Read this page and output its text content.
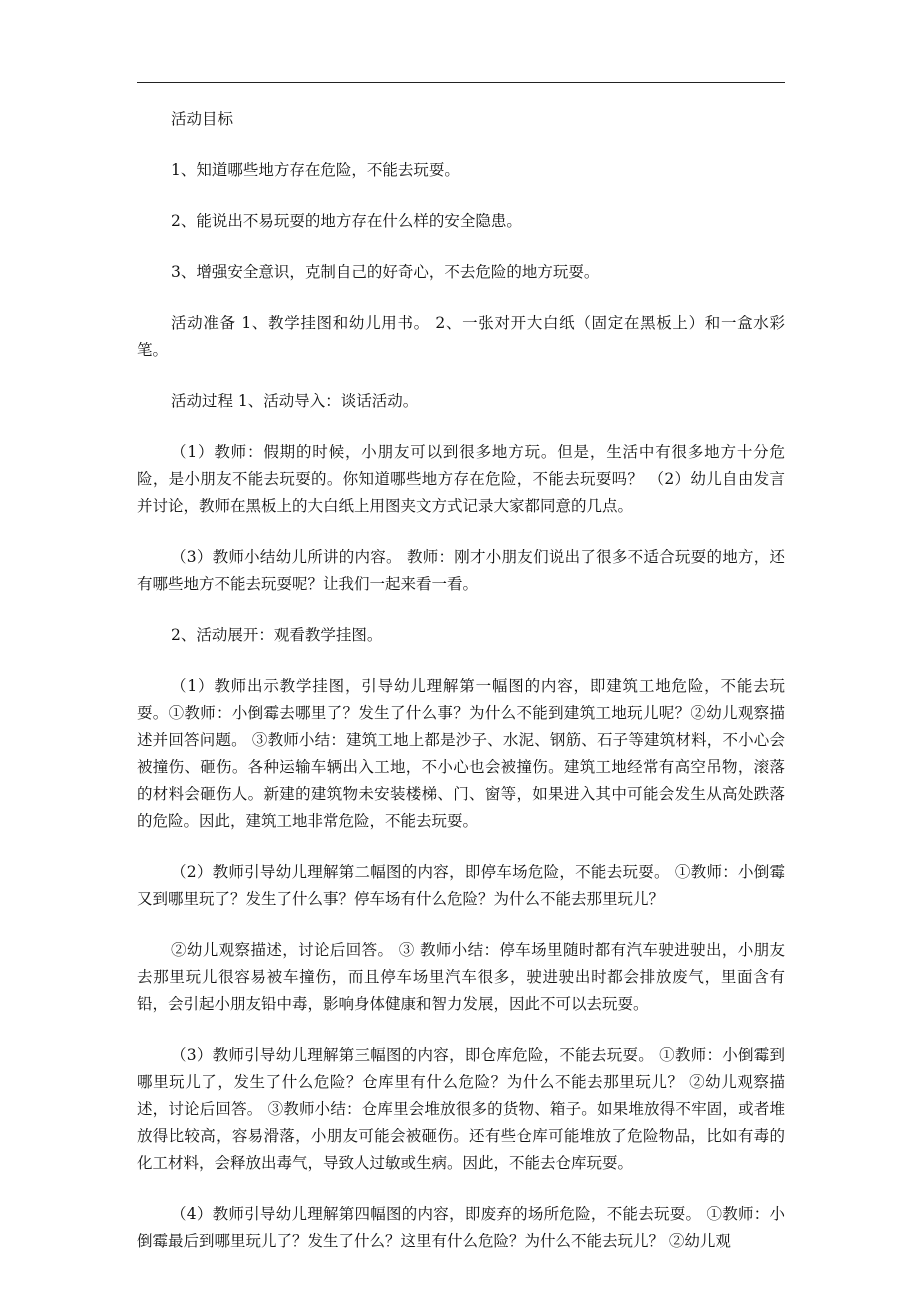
活动目标

1、知道哪些地方存在危险，不能去玩耍。

2、能说出不易玩耍的地方存在什么样的安全隐患。

3、增强安全意识，克制自己的好奇心，不去危险的地方玩耍。

活动准备 1、教学挂图和幼儿用书。 2、一张对开大白纸（固定在黑板上）和一盒水彩笔。

活动过程 1、活动导入：谈话活动。

（1）教师：假期的时候，小朋友可以到很多地方玩。但是，生活中有很多地方十分危险，是小朋友不能去玩耍的。你知道哪些地方存在危险，不能去玩耍吗？ （2）幼儿自由发言并讨论，教师在黑板上的大白纸上用图夹文方式记录大家都同意的几点。

（3）教师小结幼儿所讲的内容。 教师：刚才小朋友们说出了很多不适合玩耍的地方，还有哪些地方不能去玩耍呢？让我们一起来看一看。

2、活动展开：观看教学挂图。

（1）教师出示教学挂图，引导幼儿理解第一幅图的内容，即建筑工地危险，不能去玩耍。①教师：小倒霉去哪里了？发生了什么事？为什么不能到建筑工地玩儿呢？②幼儿观察描述并回答问题。 ③教师小结：建筑工地上都是沙子、水泥、钢筋、石子等建筑材料，不小心会被撞伤、砸伤。各种运输车辆出入工地，不小心也会被撞伤。建筑工地经常有高空吊物，滚落的材料会砸伤人。新建的建筑物未安装楼梯、门、窗等，如果进入其中可能会发生从高处跌落的危险。因此，建筑工地非常危险，不能去玩耍。

（2）教师引导幼儿理解第二幅图的内容，即停车场危险，不能去玩耍。 ①教师：小倒霉又到哪里玩了？发生了什么事？停车场有什么危险？为什么不能去那里玩儿？

②幼儿观察描述，讨论后回答。 ③ 教师小结：停车场里随时都有汽车驶进驶出，小朋友去那里玩儿很容易被车撞伤，而且停车场里汽车很多，驶进驶出时都会排放废气，里面含有铅，会引起小朋友铅中毒，影响身体健康和智力发展，因此不可以去玩耍。

（3）教师引导幼儿理解第三幅图的内容，即仓库危险，不能去玩耍。 ①教师：小倒霉到哪里玩儿了，发生了什么危险？仓库里有什么危险？为什么不能去那里玩儿？ ②幼儿观察描述，讨论后回答。 ③教师小结：仓库里会堆放很多的货物、箱子。如果堆放得不牢固，或者堆放得比较高，容易滑落，小朋友可能会被砸伤。还有些仓库可能堆放了危险物品，比如有毒的化工材料，会释放出毒气，导致人过敏或生病。因此，不能去仓库玩耍。

（4）教师引导幼儿理解第四幅图的内容，即废弃的场所危险，不能去玩耍。 ①教师：小倒霉最后到哪里玩儿了？发生了什么？这里有什么危险？为什么不能去玩儿？ ②幼儿观
